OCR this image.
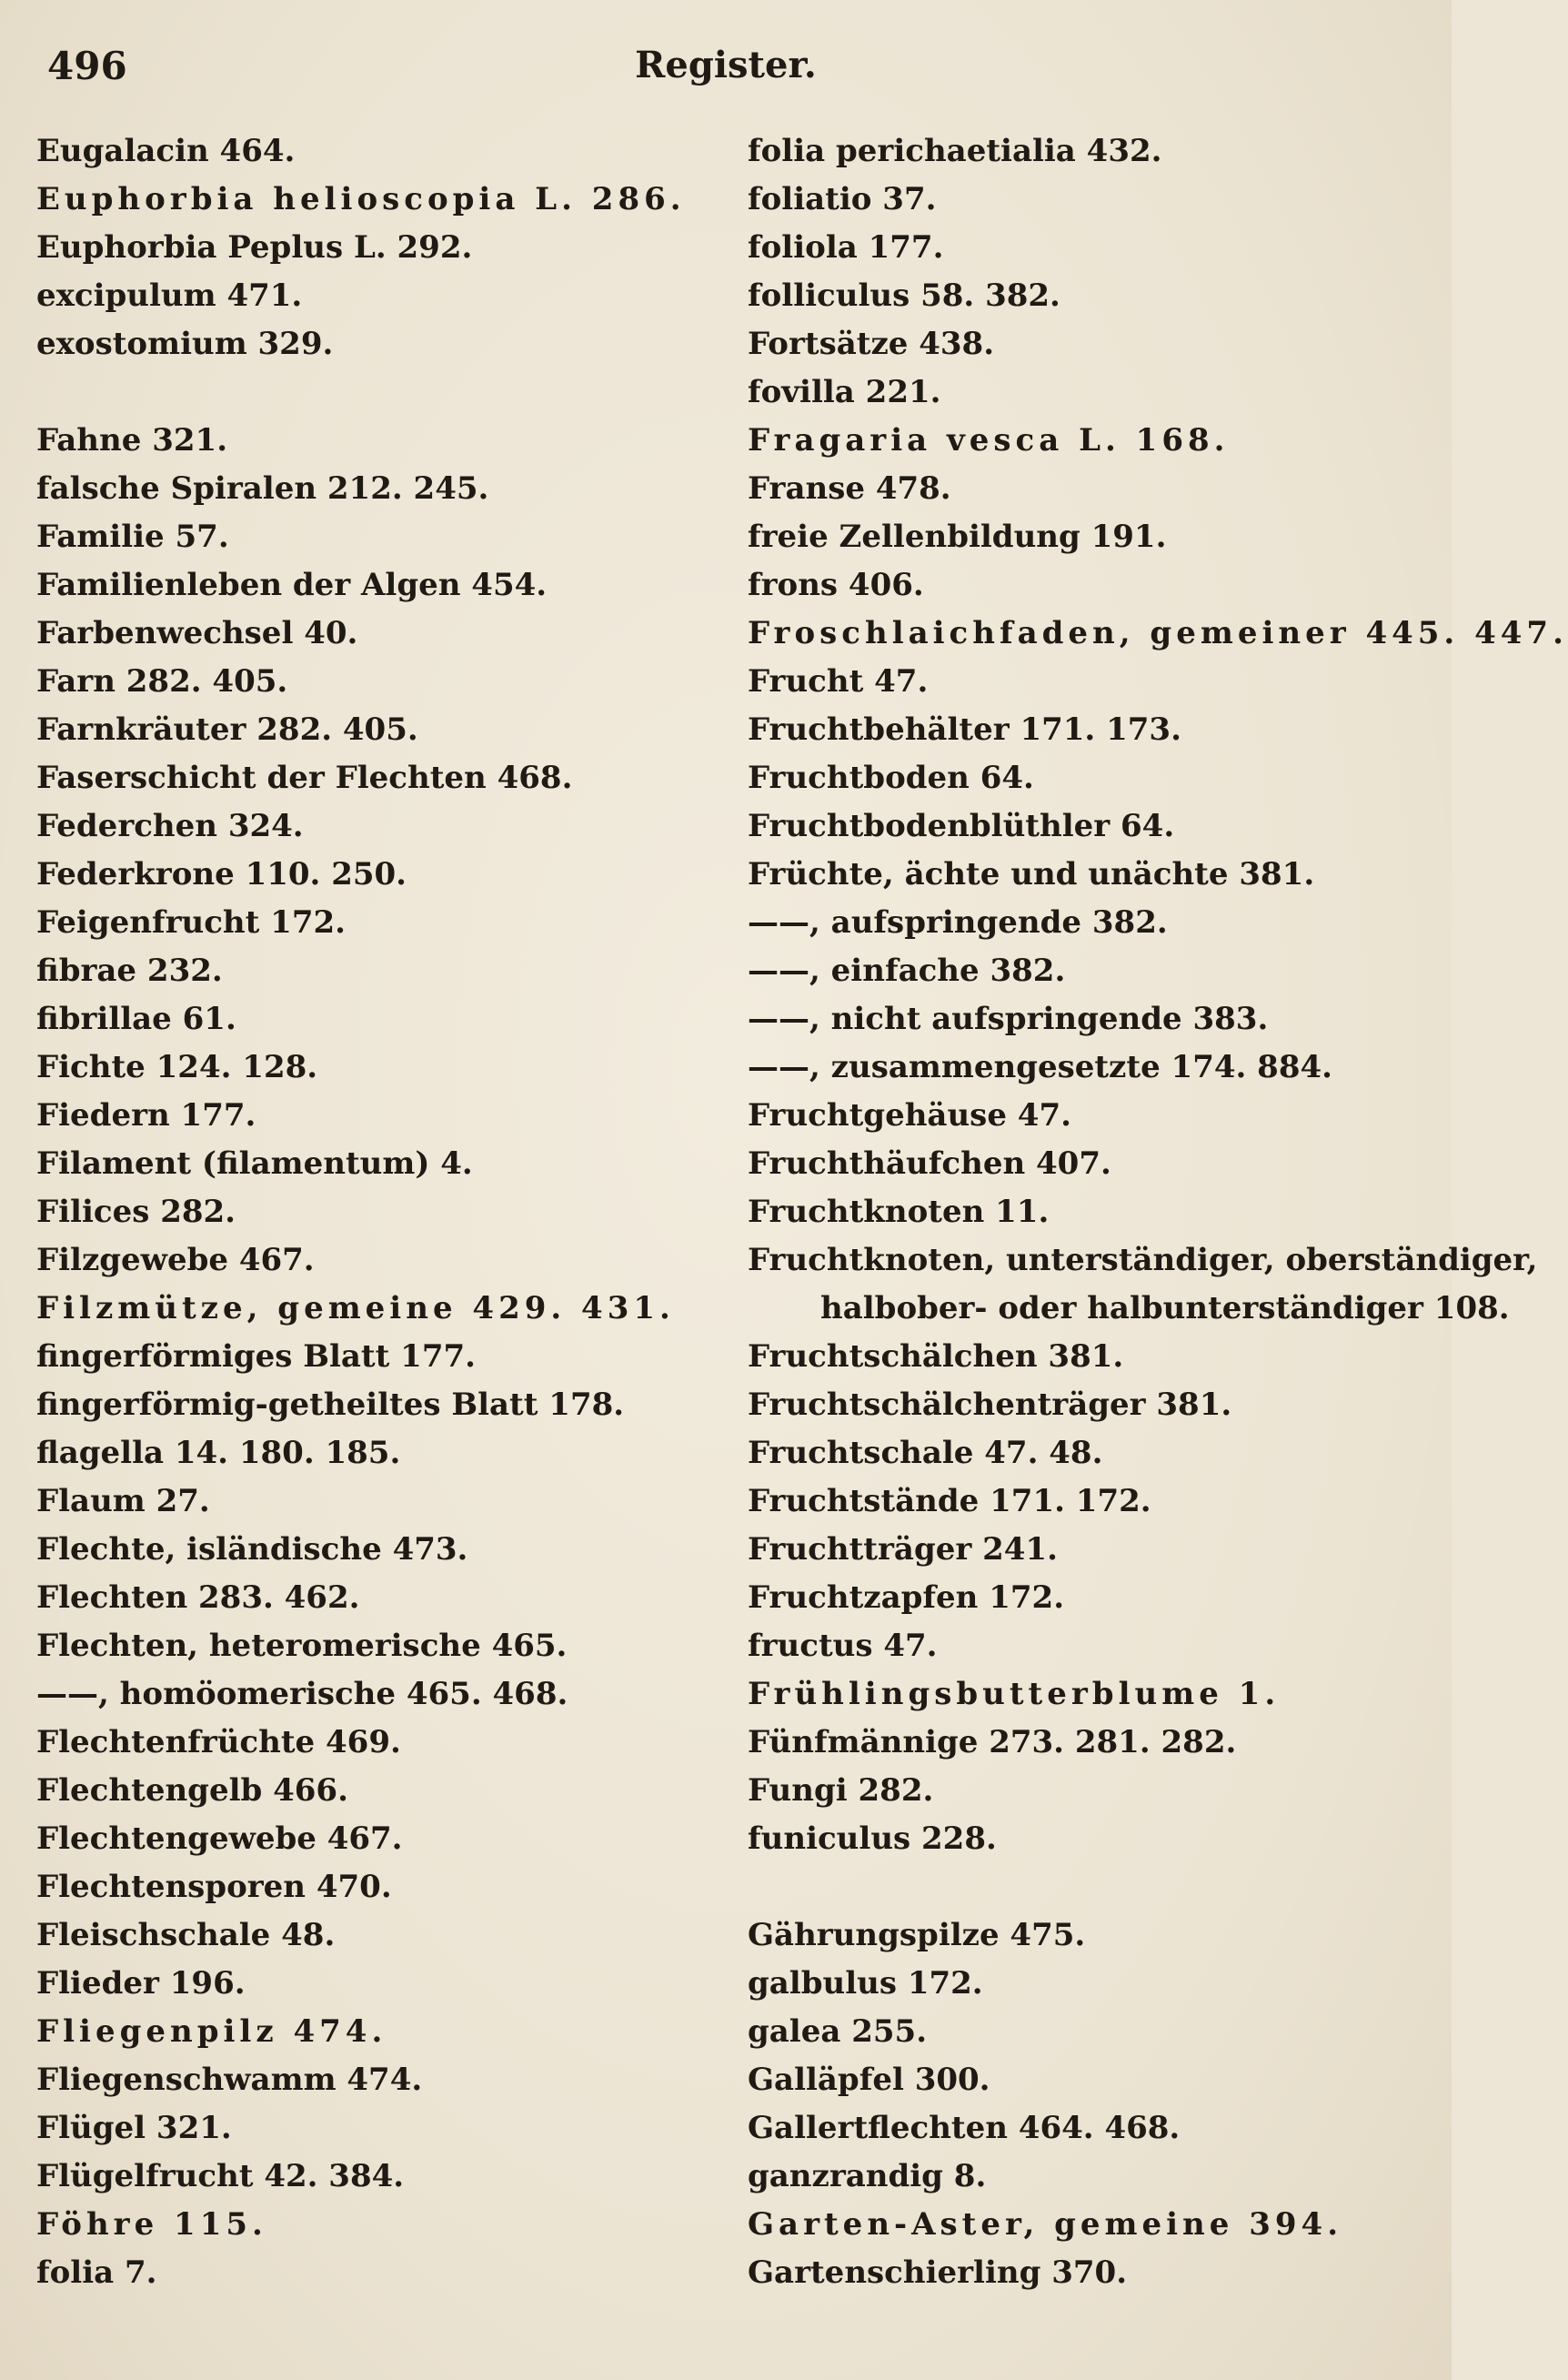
496	Register.
Eugalacin 464.
Euphorbia helioscopia L. 286.
Euphorbia Peplus L. 292.
excipulum 471.
exostomium 329.
Fahne 321.
falsche Spiralen 212. 245.
Familie 57.
Familienleben der Algen 454.
Farbenwechsel 40.
Farn 282. 405.
Farnkräuter 282. 405.
Faserschicht der Flechten 468.
Federchen 324.
Federkrone 110. 250.
Feigenfrucht 172.
fibrae 232.
fibrillae 61.
Fichte 124. 128.
Fiedern 177.
Filament (filamentum) 4.
Filices 282.
Filzgewebe 467.
Filzmütze, gemeine 429. 431.
fingerförmiges Blatt 177.
fingerförmig-getheiltes Blatt 178.
flagella 14. 180. 185.
Flaum 27.
Flechte, isländische 473.
Flechten 283. 462.
Flechten, heteromerische 465.
——, homöomerische 465. 468.
Flechtenfrüchte 469.
Flechtengelb 466.
Flechtengewebe 467.
Flechtensporen 470.
Fleischschale 48.
Flieder 196.
Fliegenpilz 474.
Fliegenschwamm 474.
Flügel 321.
Flügelfrucht 42. 384.
Föhre 115.
folia 7.
folia perichaetialia 432.
foliatio 37.
foliola 177.
folliculus 58. 382.
Fortsätze 438.
fovilla 221.
Fragaria vesca L. 168.
Franse 478.
freie Zellenbildung 191.
frons 406.
Froschlaichfaden, gemeiner 445. 447.
Frucht 47.
Fruchtbehälter 171. 173.
Fruchtboden 64.
Fruchtbodenblüthler 64.
Früchte, ächte und unächte 381.
——, aufspringende 382.
——, einfache 382.
——, nicht aufspringende 383.
——, zusammengesetzte 174. 884.
Fruchtgehäuse 47.
Fruchthäufchen 407.
Fruchtknoten 11.
Fruchtknoten, unterständiger, oberständiger,
halbober- oder halbunterständiger 108.
Fruchtschälchen 381.
Fruchtschälchenträger 381.
Fruchtschale 47. 48.
Fruchtstände 171. 172.
Fruchtträger 241.
Fruchtzapfen 172.
fructus 47.
Frühlingsbutterblume 1.
Fünfmännige 273. 281. 282.
Fungi 282.
funiculus 228.
Gährungspilze 475.
galbulus 172.
galea 255.
Galläpfel 300.
Gallertflechten 464. 468.
ganzrandig 8.
Garten-Aster, gemeine 394.
Gartenschierling 370.
